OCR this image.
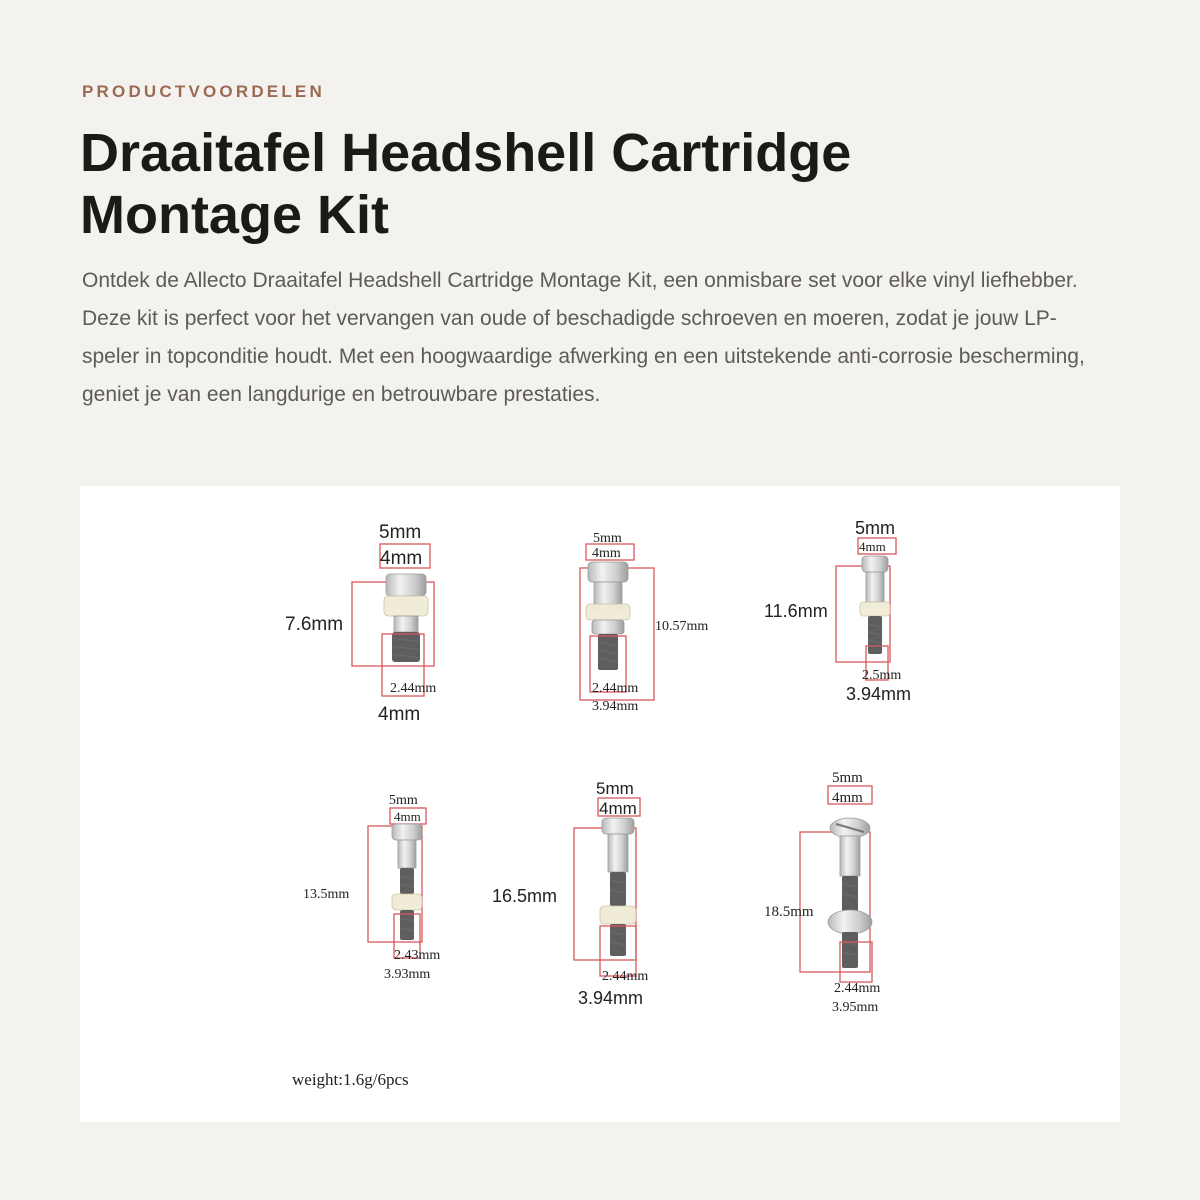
PRODUCTVOORDELEN
Draaitafel Headshell Cartridge Montage Kit

Ontdek de Allecto Draaitafel Headshell Cartridge Montage Kit, een onmisbare set voor elke vinyl liefhebber. Deze kit is perfect voor het vervangen van oude of beschadigde schroeven en moeren, zodat je jouw LP-speler in topconditie houdt. Met een hoogwaardige afwerking en een uitstekende anti-corrosie bescherming, geniet je van een langdurige en betrouwbare prestaties.

5mm
4mm
7.6mm
2.44mm
4mm
5mm
4mm
10.57mm
2.44mm
3.94mm
5mm
4mm
11.6mm
2.5mm
3.94mm
5mm
4mm
13.5mm
2.43mm
3.93mm
5mm
4mm
16.5mm
2.44mm
3.94mm
5mm
4mm
18.5mm
2.44mm
3.95mm
weight:1.6g/6pcs
